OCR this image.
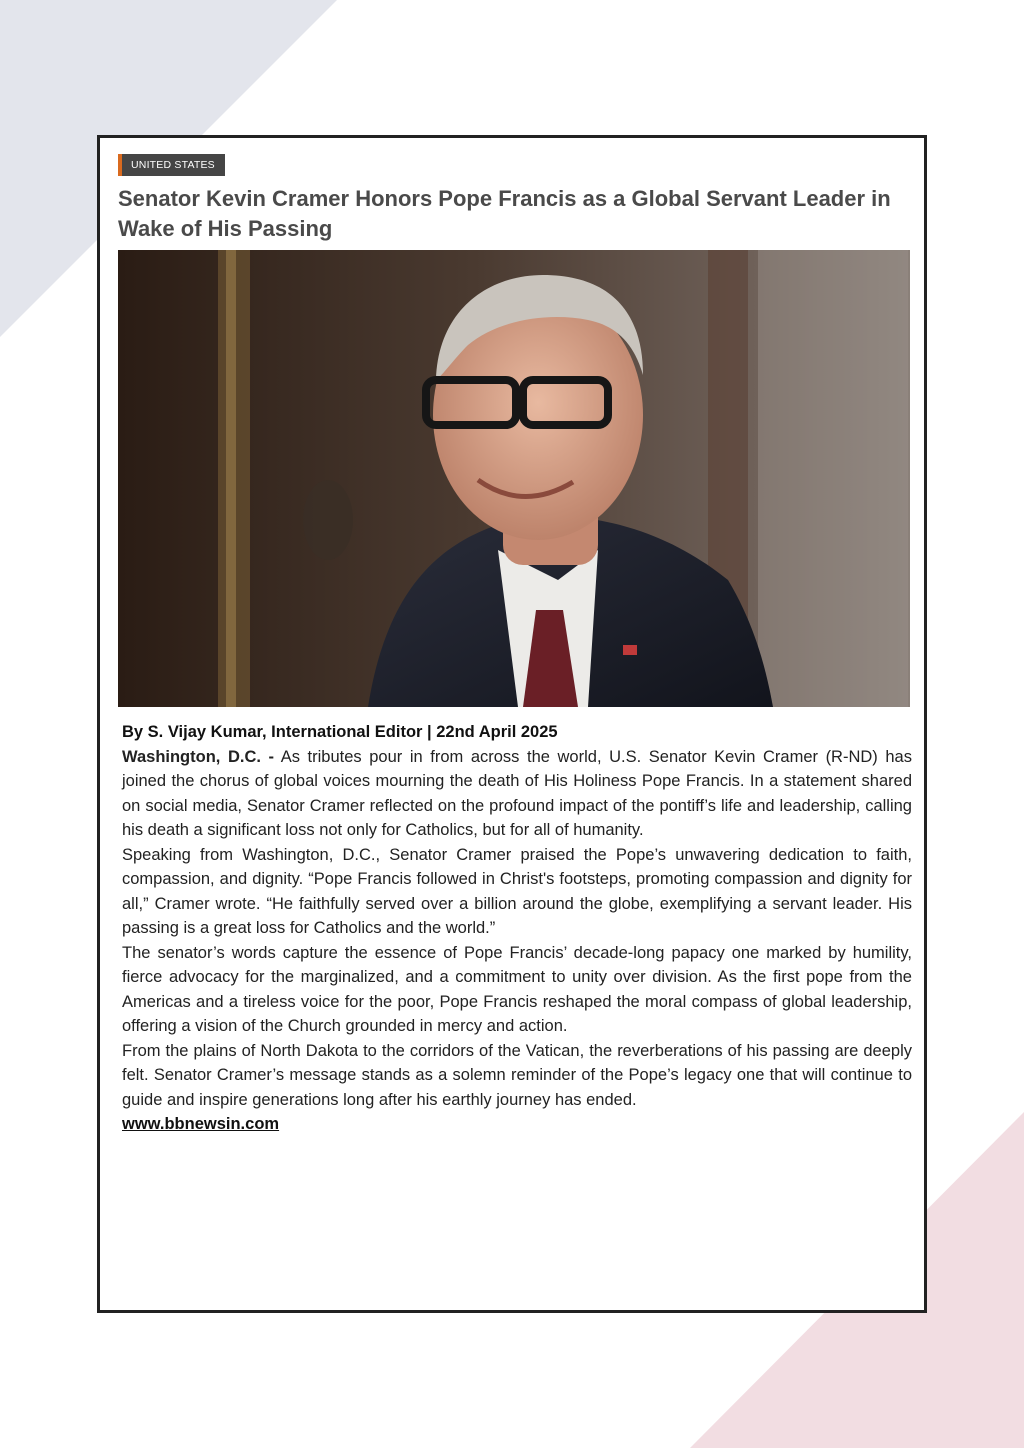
UNITED STATES
Senator Kevin Cramer Honors Pope Francis as a Global Servant Leader in Wake of His Passing

By S. Vijay Kumar, International Editor | 22nd April 2025

Washington, D.C. - As tributes pour in from across the world, U.S. Senator Kevin Cramer (R-ND) has joined the chorus of global voices mourning the death of His Holiness Pope Francis. In a statement shared on social media, Senator Cramer reflected on the profound impact of the pontiff’s life and leadership, calling his death a significant loss not only for Catholics, but for all of humanity.

Speaking from Washington, D.C., Senator Cramer praised the Pope’s unwavering dedication to faith, compassion, and dignity. “Pope Francis followed in Christ's footsteps, promoting compassion and dignity for all,” Cramer wrote. “He faithfully served over a billion around the globe, exemplifying a servant leader. His passing is a great loss for Catholics and the world.”

The senator’s words capture the essence of Pope Francis’ decade-long papacy one marked by humility, fierce advocacy for the marginalized, and a commitment to unity over division. As the first pope from the Americas and a tireless voice for the poor, Pope Francis reshaped the moral compass of global leadership, offering a vision of the Church grounded in mercy and action.

From the plains of North Dakota to the corridors of the Vatican, the reverberations of his passing are deeply felt. Senator Cramer’s message stands as a solemn reminder of the Pope’s legacy one that will continue to guide and inspire generations long after his earthly journey has ended.

www.bbnewsin.com
